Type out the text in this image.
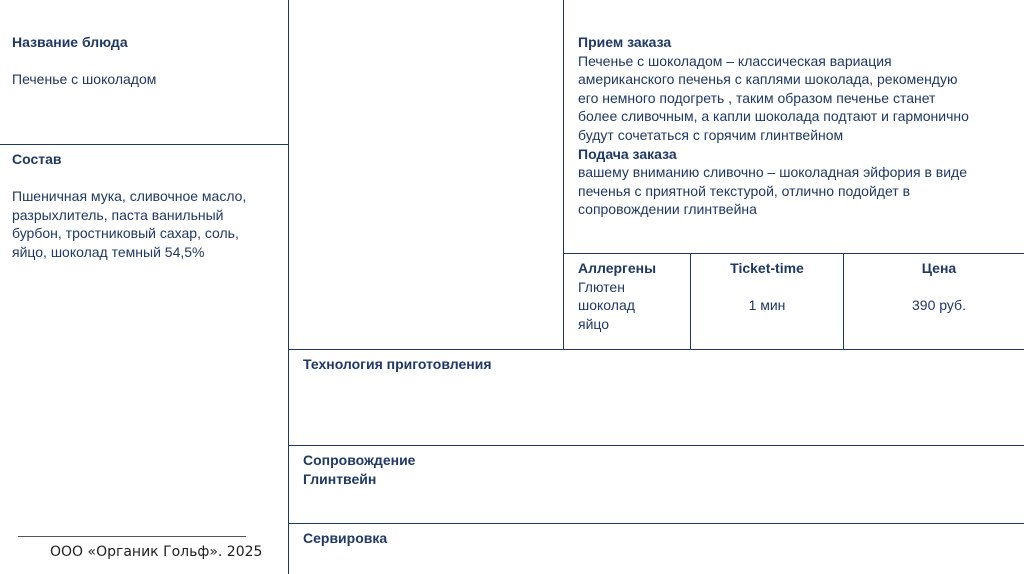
Название блюда
Печенье с шоколадом
Состав
Пшеничная мука, сливочное масло,
разрыхлитель, паста ванильный
бурбон, тростниковый сахар, соль,
яйцо, шоколад темный 54,5%
Прием заказа
Печенье с шоколадом – классическая вариация
американского печенья с каплями шоколада, рекомендую
его немного подогреть , таким образом печенье станет
более сливочным, а капли шоколада подтают и гармонично
будут сочетаться с горячим глинтвейном
Подача заказа
вашему вниманию сливочно – шоколадная эйфория в виде
печенья с приятной текстурой, отлично подойдет в
сопровождении глинтвейна
Аллергены
Глютен
шоколад
яйцо
Ticket-time
1 мин
Цена
390 руб.
Технология приготовления
Сопровождение
Глинтвейн
Сервировка
ООО «Органик Гольф». 2025
